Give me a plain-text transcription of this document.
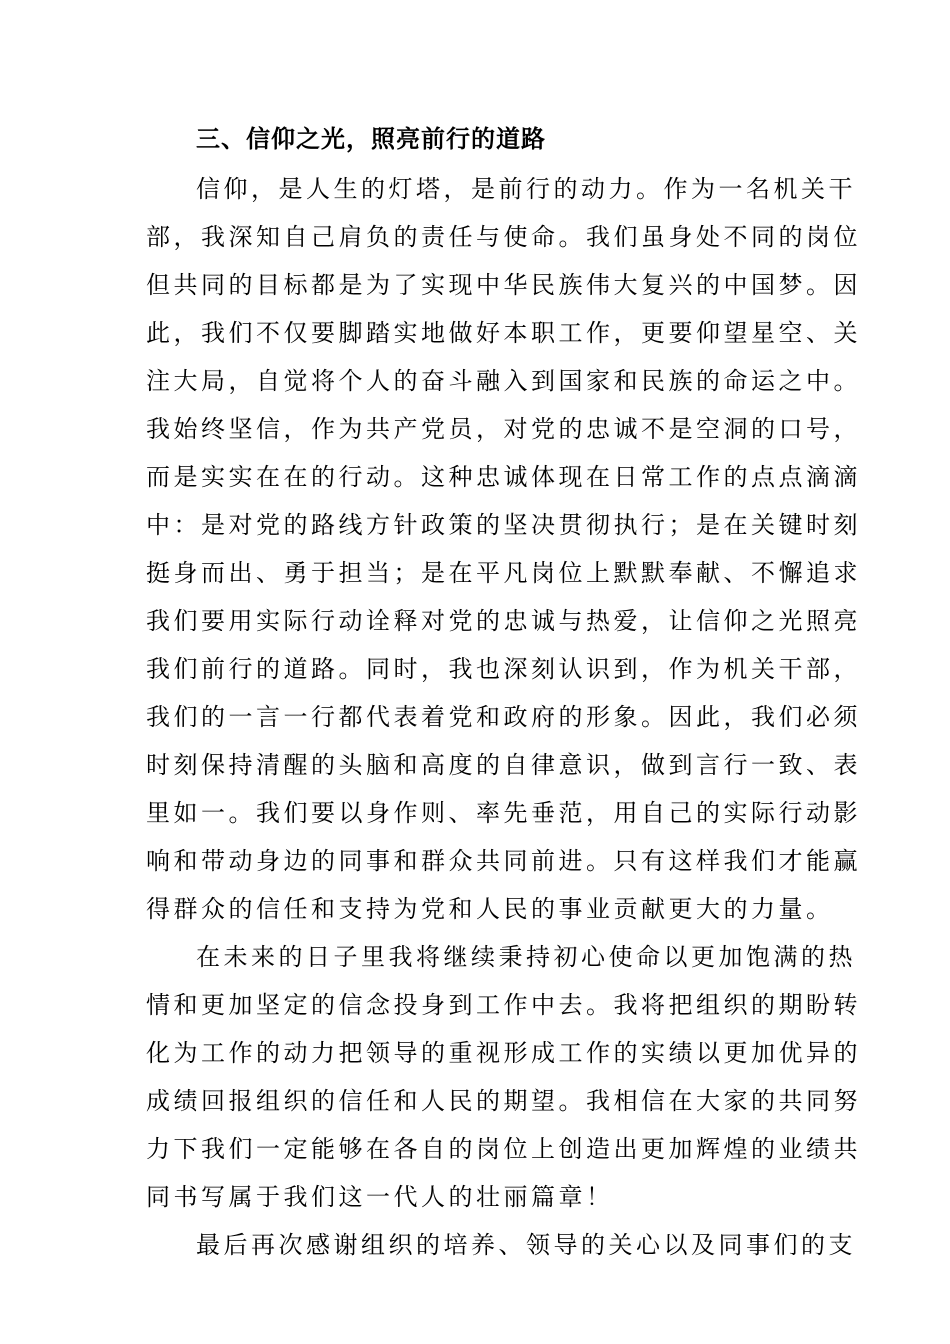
三、信仰之光，照亮前行的道路
信仰，是人生的灯塔，是前行的动力。作为一名机关干
部，我深知自己肩负的责任与使命。我们虽身处不同的岗位
但共同的目标都是为了实现中华民族伟大复兴的中国梦。因
此，我们不仅要脚踏实地做好本职工作，更要仰望星空、关
注大局，自觉将个人的奋斗融入到国家和民族的命运之中。
我始终坚信，作为共产党员，对党的忠诚不是空洞的口号，
而是实实在在的行动。这种忠诚体现在日常工作的点点滴滴
中：是对党的路线方针政策的坚决贯彻执行；是在关键时刻
挺身而出、勇于担当；是在平凡岗位上默默奉献、不懈追求
我们要用实际行动诠释对党的忠诚与热爱，让信仰之光照亮
我们前行的道路。同时，我也深刻认识到，作为机关干部，
我们的一言一行都代表着党和政府的形象。因此，我们必须
时刻保持清醒的头脑和高度的自律意识，做到言行一致、表
里如一。我们要以身作则、率先垂范，用自己的实际行动影
响和带动身边的同事和群众共同前进。只有这样我们才能赢
得群众的信任和支持为党和人民的事业贡献更大的力量。
在未来的日子里我将继续秉持初心使命以更加饱满的热
情和更加坚定的信念投身到工作中去。我将把组织的期盼转
化为工作的动力把领导的重视形成工作的实绩以更加优异的
成绩回报组织的信任和人民的期望。我相信在大家的共同努
力下我们一定能够在各自的岗位上创造出更加辉煌的业绩共
同书写属于我们这一代人的壮丽篇章！
最后再次感谢组织的培养、领导的关心以及同事们的支
